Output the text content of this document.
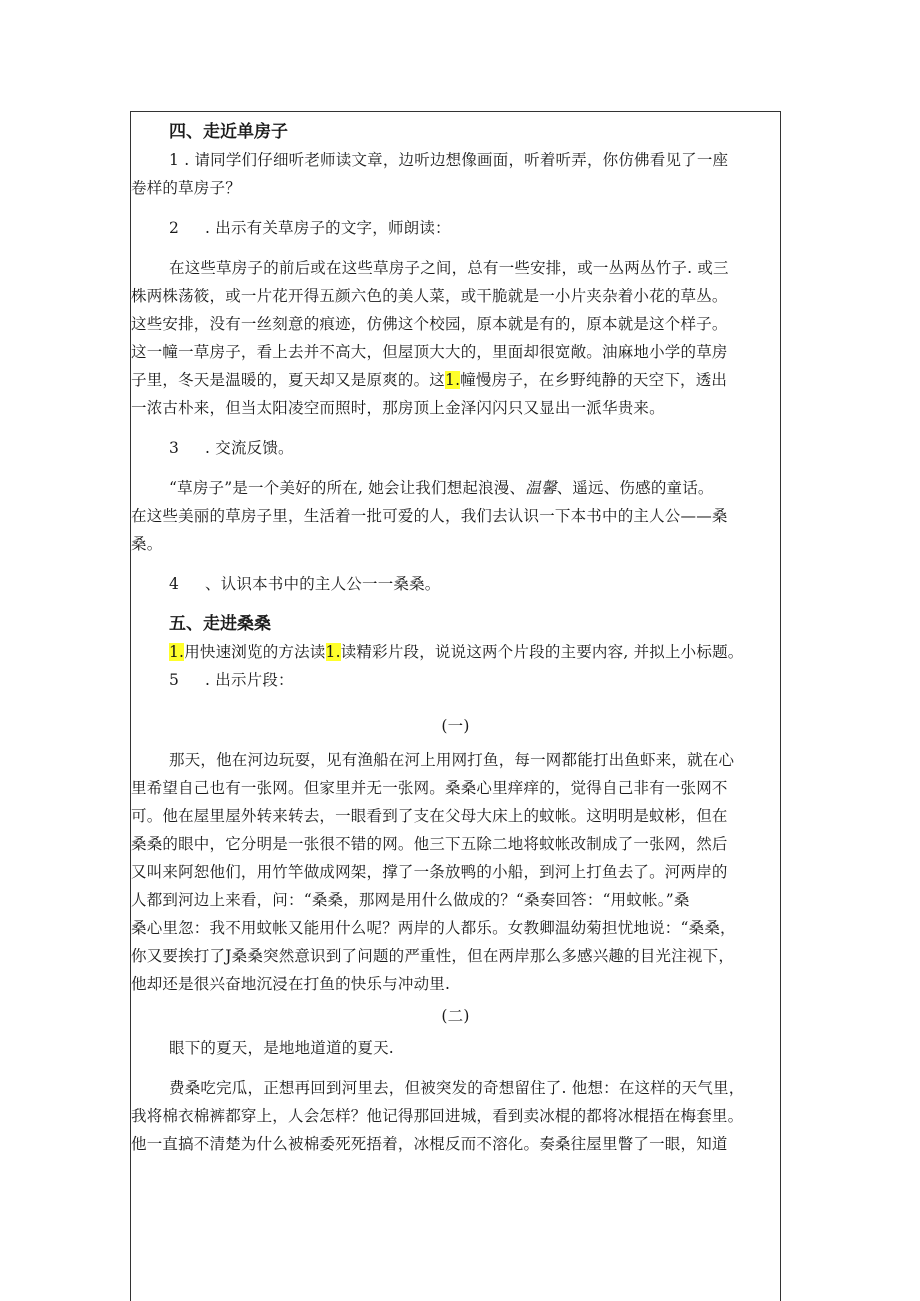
四、走近单房子
1 . 请同学们仔细听老师读文章，边听边想像画面，听着听弄，你仿佛看见了一座
卷样的草房子？
2 . 出示有关草房子的文字，师朗读：
在这些草房子的前后或在这些草房子之间，总有一些安排，或一丛两丛竹子. 或三
株两株荡筱，或一片花开得五颜六色的美人菜，或干脆就是一小片夹杂着小花的草丛。
这些安排，没有一丝刻意的痕迹，仿佛这个校园，原本就是有的，原本就是这个样子。
这一幢一草房子，看上去并不高大，但屋顶大大的，里面却很宽敞。油麻地小学的草房
子里，冬天是温暖的，夏天却又是原爽的。这1.幢慢房子，在乡野纯静的天空下，透出
一浓古朴来，但当太阳凌空而照时，那房顶上金泽闪闪只又显出一派华贵来。
3 . 交流反馈。
“草房子”是一个美好的所在, 她会让我们想起浪漫、温馨、遥远、伤感的童话。
在这些美丽的草房子里，生活着一批可爱的人，我们去认识一下本书中的主人公——桑
桑。
4 、认识本书中的主人公一一桑桑。
五、走进桑桑
1.用快速浏览的方法读1.读精彩片段，说说这两个片段的主要内容, 并拟上小标题。
5 . 出示片段：
(一)
那天，他在河边玩耍，见有渔船在河上用网打鱼，每一网都能打出鱼虾来，就在心
里希望自己也有一张网。但家里并无一张网。桑桑心里痒痒的，觉得自己非有一张网不
可。他在屋里屋外转来转去，一眼看到了支在父母大床上的蚊帐。这明明是蚊彬，但在
桑桑的眼中，它分明是一张很不错的网。他三下五除二地将蚊帐改制成了一张网，然后
又叫来阿恕他们，用竹竿做成网架，撑了一条放鸭的小船，到河上打鱼去了。河两岸的
人都到河边上来看，问：“桑桑，那网是用什么做成的？“桑奏回答：“用蚊帐。”桑
桑心里忽：我不用蚊帐又能用什么呢？两岸的人都乐。女教卿温幼菊担忧地说：“桑桑，
你又要挨打了J桑桑突然意识到了问题的严重性，但在两岸那么多感兴趣的目光注视下，
他却还是很兴奋地沉浸在打鱼的快乐与冲动里.
(二)
眼下的夏天，是地地道道的夏天.
费桑吃完瓜，正想再回到河里去，但被突发的奇想留住了. 他想：在这样的天气里，
我将棉衣棉裤都穿上，人会怎样？他记得那回进城，看到卖冰棍的都将冰棍捂在梅套里。
他一直搞不清楚为什么被棉委死死捂着，冰棍反而不溶化。奏桑往屋里瞥了一眼，知道
